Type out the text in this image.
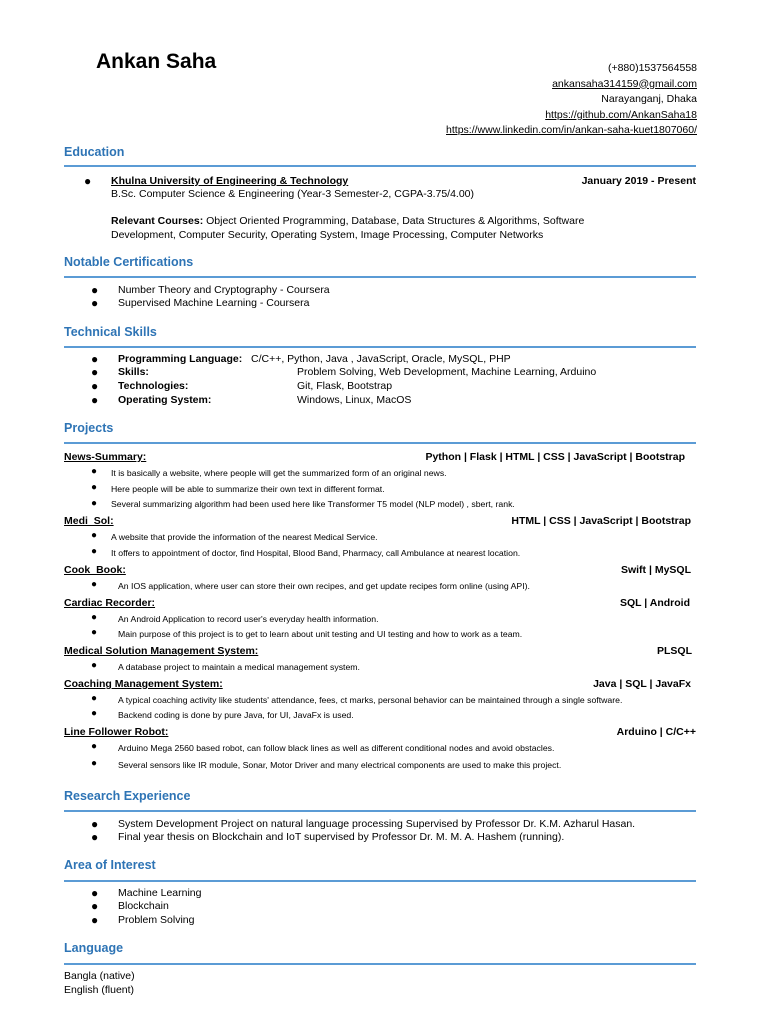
Ankan Saha	(+880)1537564558
ankansaha314159@gmail.com
Narayanganj, Dhaka
https://github.com/AnkanSaha18
https://www.linkedin.com/in/ankan-saha-kuet1807060/
Education
● Khulna University of Engineering & Technology	January 2019 - Present
B.Sc. Computer Science & Engineering (Year-3 Semester-2, CGPA-3.75/4.00)
Relevant Courses: Object Oriented Programming, Database, Data Structures & Algorithms, Software
Development, Computer Security, Operating System, Image Processing, Computer Networks
Notable Certifications
● Number Theory and Cryptography - Coursera
● Supervised Machine Learning - Coursera
Technical Skills
● Programming Language: C/C++, Python, Java , JavaScript, Oracle, MySQL, PHP
● Skills:	Problem Solving, Web Development, Machine Learning, Arduino
● Technologies:	Git, Flask, Bootstrap
● Operating System:	Windows, Linux, MacOS
Projects
News-Summary:	Python | Flask | HTML | CSS | JavaScript | Bootstrap
● It is basically a website, where people will get the summarized form of an original news.
● Here people will be able to summarize their own text in different format.
● Several summarizing algorithm had been used here like Transformer T5 model (NLP model) , sbert, rank.
Medi_Sol:	HTML | CSS | JavaScript | Bootstrap
● A website that provide the information of the nearest Medical Service.
● It offers to appointment of doctor, find Hospital, Blood Band, Pharmacy, call Ambulance at nearest location.
Cook_Book:	Swift | MySQL
● An IOS application, where user can store their own recipes, and get update recipes form online (using API).
Cardiac Recorder:	SQL | Android
● An Android Application to record user's everyday health information.
● Main purpose of this project is to get to learn about unit testing and UI testing and how to work as a team.
Medical Solution Management System:	PLSQL
● A database project to maintain a medical management system.
Coaching Management System:	Java | SQL | JavaFx
● A typical coaching activity like students' attendance, fees, ct marks, personal behavior can be maintained through a single software.
● Backend coding is done by pure Java, for UI, JavaFx is used.
Line Follower Robot:	Arduino | C/C++
● Arduino Mega 2560 based robot, can follow black lines as well as different conditional nodes and avoid obstacles.
● Several sensors like IR module, Sonar, Motor Driver and many electrical components are used to make this project.
Research Experience
● System Development Project on natural language processing Supervised by Professor Dr. K.M. Azharul Hasan.
● Final year thesis on Blockchain and IoT supervised by Professor Dr. M. M. A. Hashem (running).
Area of Interest
● Machine Learning
● Blockchain
● Problem Solving
Language
Bangla (native)
English (fluent)
